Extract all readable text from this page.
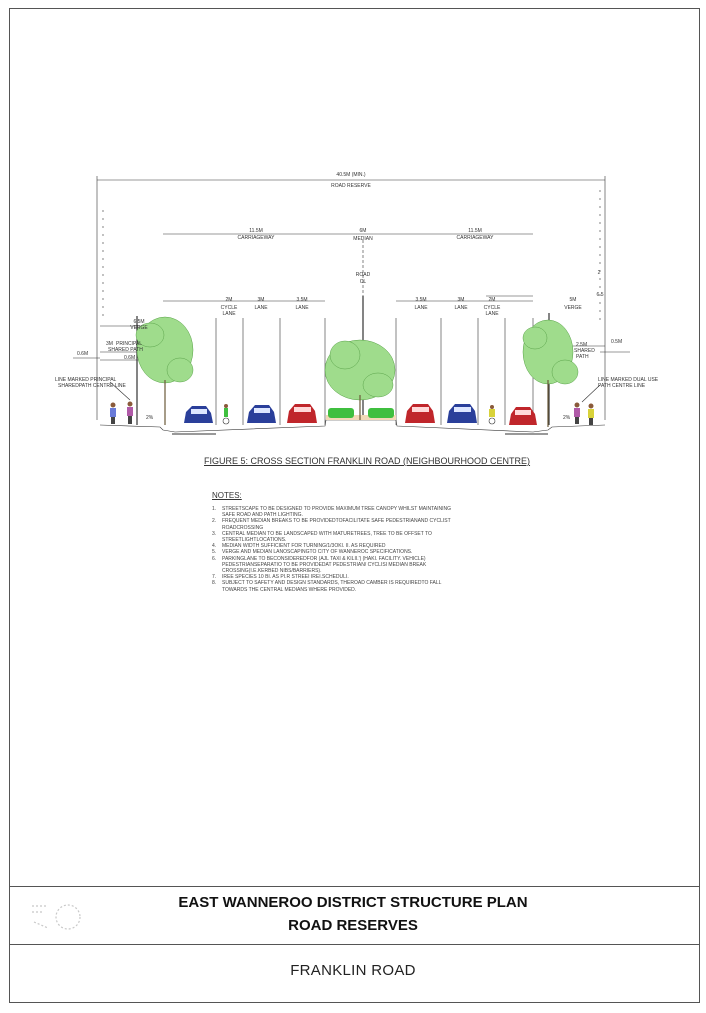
40.5M (MIN.)
ROAD RESERVE
11.5M
CARRIAGEWAY
6M
MEDIAN
11.5M
CARRIAGEWAY
ROAD
CL
2
6.5
2M
CYCLE
LANE
3M
LANE
3.5M
LANE
3.5M
LANE
3M
LANE
2M
CYCLE
LANE
5M
VERGE
6.5M
VERGE
3M PRINCIPAL
SHARED PATH
0.6M
0.6M
LINE MARKED PRINCIPAL
SHAREDPATH CENTRE LINE
0.5M
2.5M
SHARED
PATH
LINE MARKED DUAL USE
PATH CENTRE LINE
2%	2%
FIGURE 5: CROSS SECTION FRANKLIN ROAD (NEIGHBOURHOOD CENTRE)
NOTES:
1.	STREETSCAPE TO BE DESIGNED TO PROVIDE MAXIMUM TREE CANOPY WHILST MAINTAINING SAFE ROAD AND PATH LIGHTING.
2.	FREQUENT MEDIAN BREAKS TO BE PROVIDEDTOFACILITATE SAFE PEDESTRIANAND CYCLIST ROADCROSSING
3.	CENTRAL MEDIAN TO BE LANDSCAPED WITH MATURETREES, TREE TO BE OFFSET TO STREETLIGHTLOCATIONS.
4.	MEDIAN WIDTH SUFFICIENT FOR TURNING/1/3OKI. II. AS REQUIRED
5.	VERGE AND MEDIAN LANOSCAPINGTO CITY OF WANNEROC SPECIFICATIONS.
6.	PARKINGLANE TO BECONSIDEREDFOR (AJL TAXI & KILII.') (HAKI. FACILITY. VEHICLE) PEDESTRIANSEPARATIO TO BE PROVIDEDAT PEDESTRIAN/ CYCLISI MEDIAN BREAK CROSSING(I.E.KERBED NIBS/BARRIERS).
7.	IREE SPECIES 10 BI. AS PI.R STREEI IREI.SCHEDULI.
8.	SUBJECT TO SAFETY AND DESIGN STANDARDS, THEROAD CAMBER IS REQUIREDTO FALL TOWARDS THE CENTRAL MEDIANS WHERE PROVIDED.
EAST WANNEROO DISTRICT STRUCTURE PLAN
ROAD RESERVES
FRANKLIN ROAD
